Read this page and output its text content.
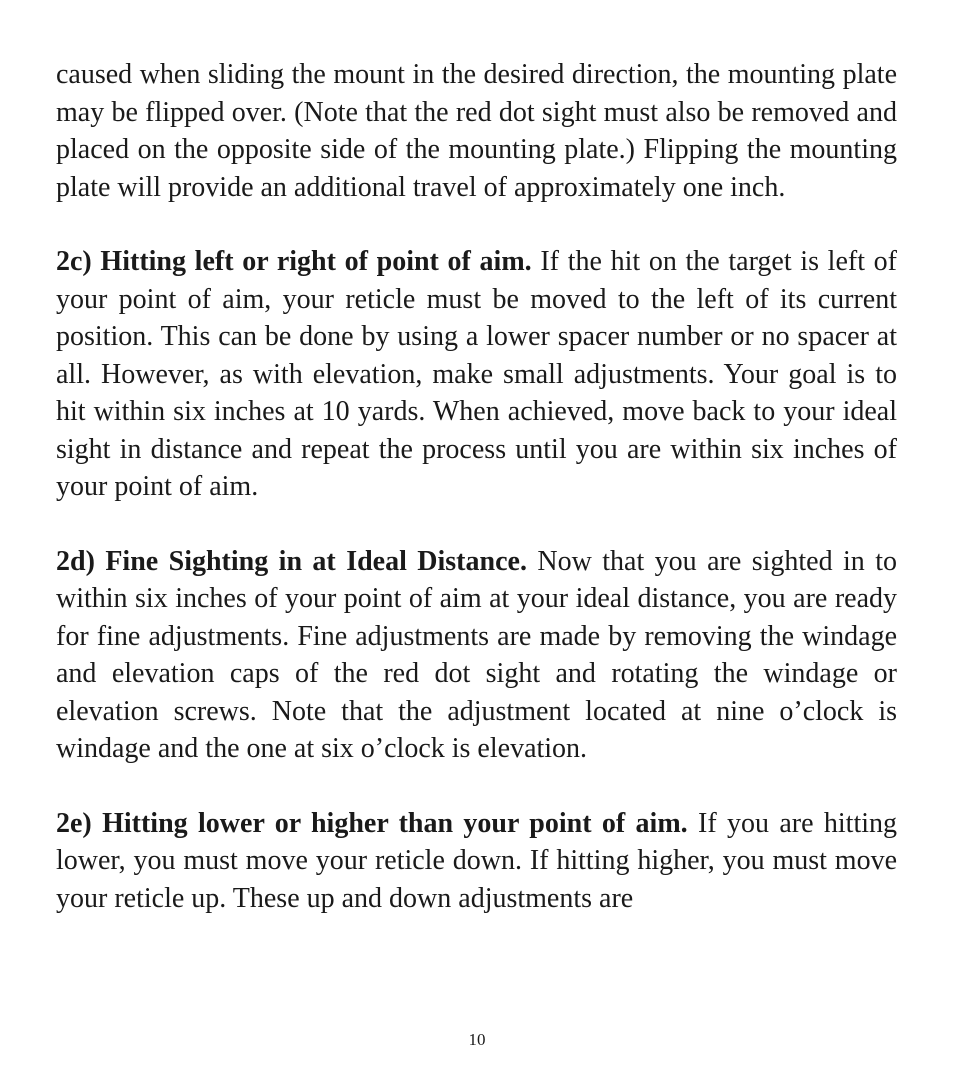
caused when sliding the mount in the desired direction, the mounting plate may be flipped over. (Note that the red dot sight must also be removed and placed on the opposite side of the mounting plate.) Flipping the mounting plate will provide an additional travel of approximately one inch.

2c) Hitting left or right of point of aim. If the hit on the target is left of your point of aim, your reticle must be moved to the left of its current position. This can be done by using a lower spacer number or no spacer at all. However, as with elevation, make small adjustments. Your goal is to hit within six inches at 10 yards. When achieved, move back to your ideal sight in distance and repeat the process until you are within six inches of your point of aim.

2d) Fine Sighting in at Ideal Distance. Now that you are sighted in to within six inches of your point of aim at your ideal distance, you are ready for fine adjustments. Fine adjustments are made by removing the windage and elevation caps of the red dot sight and rotating the windage or elevation screws. Note that the adjustment located at nine o’clock is windage and the one at six o’clock is elevation.

2e) Hitting lower or higher than your point of aim. If you are hitting lower, you must move your reticle down. If hitting higher, you must move your reticle up. These up and down adjustments are

10
